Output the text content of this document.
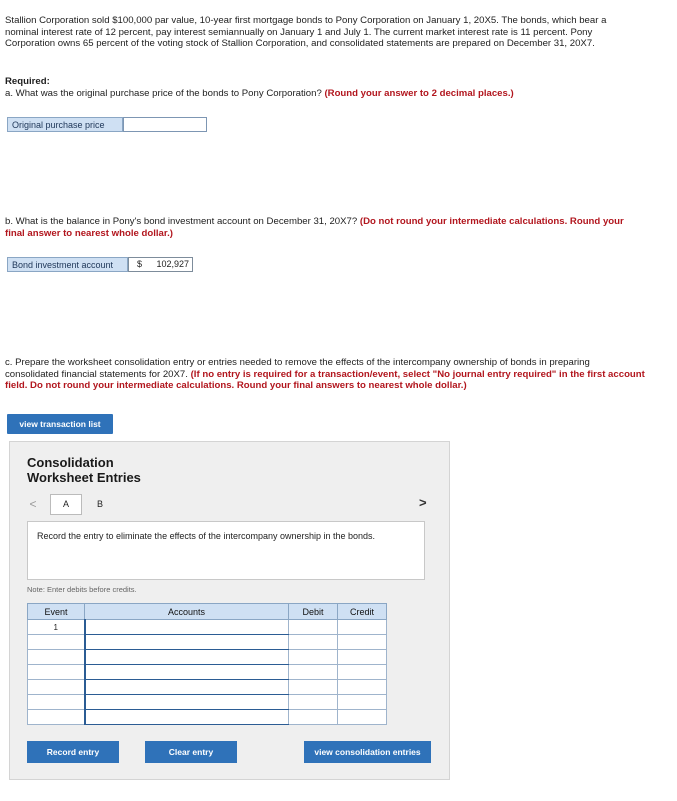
Stallion Corporation sold $100,000 par value, 10-year first mortgage bonds to Pony Corporation on January 1, 20X5. The bonds, which bear a nominal interest rate of 12 percent, pay interest semiannually on January 1 and July 1. The current market interest rate is 11 percent. Pony Corporation owns 65 percent of the voting stock of Stallion Corporation, and consolidated statements are prepared on December 31, 20X7.
Required:
a. What was the original purchase price of the bonds to Pony Corporation? (Round your answer to 2 decimal places.)
Original purchase price
b. What is the balance in Pony's bond investment account on December 31, 20X7? (Do not round your intermediate calculations. Round your final answer to nearest whole dollar.)
Bond investment account	$ 102,927
c. Prepare the worksheet consolidation entry or entries needed to remove the effects of the intercompany ownership of bonds in preparing consolidated financial statements for 20X7. (If no entry is required for a transaction/event, select "No journal entry required" in the first account field. Do not round your intermediate calculations. Round your final answers to nearest whole dollar.)
view transaction list
Consolidation
Worksheet Entries
<	A	B	>
Record the entry to eliminate the effects of the intercompany ownership in the bonds.
Note: Enter debits before credits.
Event	Accounts	Debit	Credit
1			

Record entry	Clear entry	view consolidation entries
